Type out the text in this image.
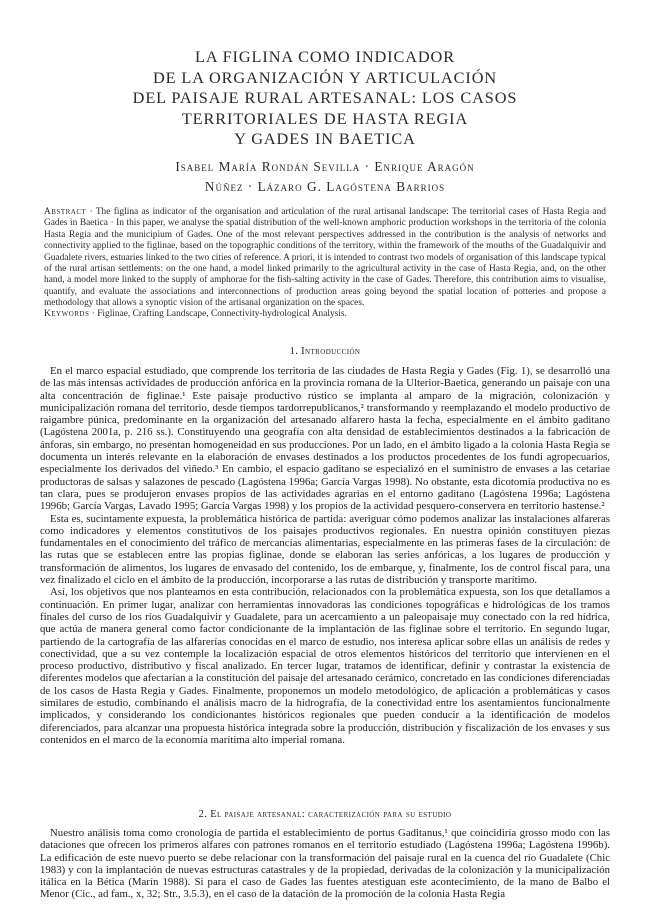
LA FIGLINA COMO INDICADOR
DE LA ORGANIZACIÓN Y ARTICULACIÓN
DEL PAISAJE RURAL ARTESANAL: LOS CASOS
TERRITORIALES DE HASTA REGIA
Y GADES IN BAETICA
Isabel María Rondán Sevilla · Enrique Aragón
Núñez · Lázaro G. Lagóstena Barrios

Abstract · The figlina as indicator of the organisation and articulation of the rural artisanal landscape: The territorial cases of Hasta Regia and Gades in Baetica · In this paper, we analyse the spatial distribution of the well-known amphoric production workshops in the territoria of the colonia Hasta Regia and the municipium of Gades. One of the most relevant perspectives addressed in the contribution is the analysis of networks and connectivity applied to the figlinae, based on the topographic conditions of the territory, within the framework of the mouths of the Guadalquivir and Guadalete rivers, estuaries linked to the two cities of reference. A priori, it is intended to contrast two models of organisation of this landscape typical of the rural artisan settlements: on the one hand, a model linked primarily to the agricultural activity in the case of Hasta Regia, and, on the other hand, a model more linked to the supply of amphorae for the fish-salting activity in the case of Gades. Therefore, this contribution aims to visualise, quantify, and evaluate the associations and interconnections of production areas going beyond the spatial location of potteries and propose a methodology that allows a synoptic vision of the artisanal organization on the spaces.

Keywords · Figlinae, Crafting Landscape, Connectivity-hydrological Analysis.

1. Introducción

En el marco espacial estudiado, que comprende los territoria de las ciudades de Hasta Regia y Gades (Fig. 1), se desarrolló una de las más intensas actividades de producción anfórica en la provincia romana de la Ulterior-Baetica, generando un paisaje con una alta concentración de figlinae.¹ Este paisaje productivo rústico se implanta al amparo de la migración, colonización y municipalización romana del territorio, desde tiempos tardorrepublicanos,² transformando y reemplazando el modelo productivo de raigambre púnica, predominante en la organización del artesanado alfarero hasta la fecha, especialmente en el ámbito gaditano (Lagóstena 2001a, p. 216 ss.). Constituyendo una geografía con alta densidad de establecimientos destinados a la fabricación de ánforas, sin embargo, no presentan homogeneidad en sus producciones. Por un lado, en el ámbito ligado a la colonia Hasta Regia se documenta un interés relevante en la elaboración de envases destinados a los productos procedentes de los fundi agropecuarios, especialmente los derivados del viñedo.³ En cambio, el espacio gaditano se especializó en el suministro de envases a las cetariae productoras de salsas y salazones de pescado (Lagóstena 1996a; García Vargas 1998). No obstante, esta dicotomía productiva no es tan clara, pues se produjeron envases propios de las actividades agrarias en el entorno gaditano (Lagóstena 1996a; Lagóstena 1996b; García Vargas, Lavado 1995; García Vargas 1998) y los propios de la actividad pesquero-conservera en territorio hastense.²

Esta es, sucintamente expuesta, la problemática histórica de partida: averiguar cómo podemos analizar las instalaciones alfareras como indicadores y elementos constitutivos de los paisajes productivos regionales. En nuestra opinión constituyen piezas fundamentales en el conocimiento del tráfico de mercancías alimentarias, especialmente en las primeras fases de la circulación: de las rutas que se establecen entre las propias figlinae, donde se elaboran las series anfóricas, a los lugares de producción y transformación de alimentos, los lugares de envasado del contenido, los de embarque, y, finalmente, los de control fiscal para, una vez finalizado el ciclo en el ámbito de la producción, incorporarse a las rutas de distribución y transporte marítimo.

Así, los objetivos que nos planteamos en esta contribución, relacionados con la problemática expuesta, son los que detallamos a continuación. En primer lugar, analizar con herramientas innovadoras las condiciones topográficas e hidrológicas de los tramos finales del curso de los ríos Guadalquivir y Guadalete, para un acercamiento a un paleopaisaje muy conectado con la red hídrica, que actúa de manera general como factor condicionante de la implantación de las figlinae sobre el territorio. En segundo lugar, partiendo de la cartografía de las alfarerías conocidas en el marco de estudio, nos interesa aplicar sobre ellas un análisis de redes y conectividad, que a su vez contemple la localización espacial de otros elementos históricos del territorio que intervienen en el proceso productivo, distributivo y fiscal analizado. En tercer lugar, tratamos de identificar, definir y contrastar la existencia de diferentes modelos que afectarían a la constitución del paisaje del artesanado cerámico, concretado en las condiciones diferenciadas de los casos de Hasta Regia y Gades. Finalmente, proponemos un modelo metodológico, de aplicación a problemáticas y casos similares de estudio, combinando el análisis macro de la hidrografía, de la conectividad entre los asentamientos funcionalmente implicados, y considerando los condicionantes históricos regionales que pueden conducir a la identificación de modelos diferenciados, para alcanzar una propuesta histórica integrada sobre la producción, distribución y fiscalización de los envases y sus contenidos en el marco de la economía marítima alto imperial romana.

2. El paisaje artesanal: caracterización para su estudio

Nuestro análisis toma como cronología de partida el establecimiento de portus Gaditanus,¹ que coincidiría grosso modo con las dataciones que ofrecen los primeros alfares con patrones romanos en el territorio estudiado (Lagóstena 1996a; Lagóstena 1996b). La edificación de este nuevo puerto se debe relacionar con la transformación del paisaje rural en la cuenca del río Guadalete (Chic 1983) y con la implantación de nuevas estructuras catastrales y de la propiedad, derivadas de la colonización y la municipalización itálica en la Bética (Marín 1988). Si para el caso de Gades las fuentes atestiguan este acontecimiento, de la mano de Balbo el Menor (Cic., ad fam., x, 32; Str., 3.5.3), en el caso de la datación de la promoción de la colonia Hasta Regia
